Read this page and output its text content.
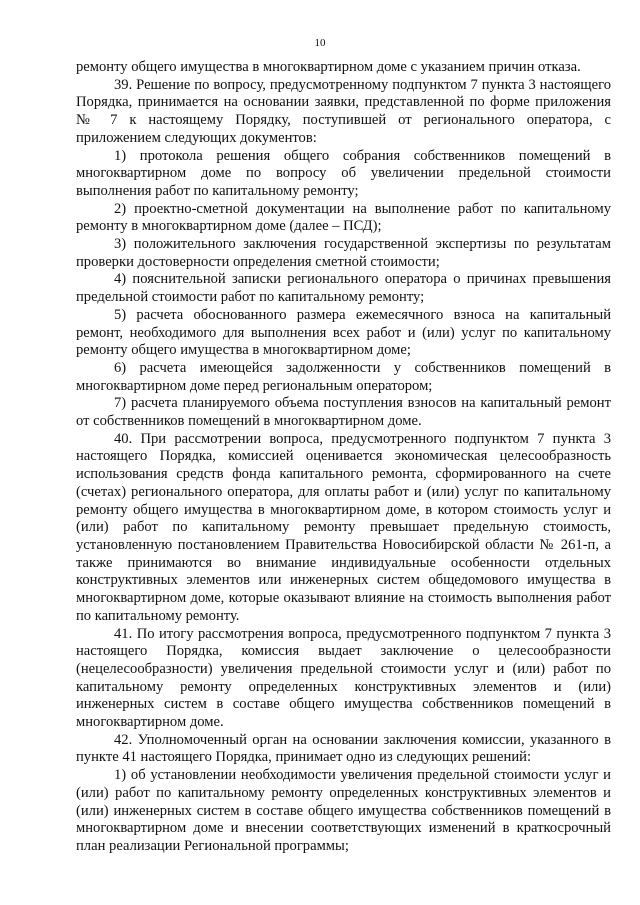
10

ремонту общего имущества в многоквартирном доме с указанием причин отказа.

39. Решение по вопросу, предусмотренному подпунктом 7 пункта 3 настоящего Порядка, принимается на основании заявки, представленной по форме приложения № 7 к настоящему Порядку, поступившей от регионального оператора, с приложением следующих документов:

1) протокола решения общего собрания собственников помещений в многоквартирном доме по вопросу об увеличении предельной стоимости выполнения работ по капитальному ремонту;

2) проектно-сметной документации на выполнение работ по капитальному ремонту в многоквартирном доме (далее – ПСД);

3) положительного заключения государственной экспертизы по результатам проверки достоверности определения сметной стоимости;

4) пояснительной записки регионального оператора о причинах превышения предельной стоимости работ по капитальному ремонту;

5) расчета обоснованного размера ежемесячного взноса на капитальный ремонт, необходимого для выполнения всех работ и (или) услуг по капитальному ремонту общего имущества в многоквартирном доме;

6) расчета имеющейся задолженности у собственников помещений в многоквартирном доме перед региональным оператором;

7) расчета планируемого объема поступления взносов на капитальный ремонт от собственников помещений в многоквартирном доме.

40. При рассмотрении вопроса, предусмотренного подпунктом 7 пункта 3 настоящего Порядка, комиссией оценивается экономическая целесообразность использования средств фонда капитального ремонта, сформированного на счете (счетах) регионального оператора, для оплаты работ и (или) услуг по капитальному ремонту общего имущества в многоквартирном доме, в котором стоимость услуг и (или) работ по капитальному ремонту превышает предельную стоимость, установленную постановлением Правительства Новосибирской области № 261-п, а также принимаются во внимание индивидуальные особенности отдельных конструктивных элементов или инженерных систем общедомового имущества в многоквартирном доме, которые оказывают влияние на стоимость выполнения работ по капитальному ремонту.

41. По итогу рассмотрения вопроса, предусмотренного подпунктом 7 пункта 3 настоящего Порядка, комиссия выдает заключение о целесообразности (нецелесообразности) увеличения предельной стоимости услуг и (или) работ по капитальному ремонту определенных конструктивных элементов и (или) инженерных систем в составе общего имущества собственников помещений в многоквартирном доме.

42. Уполномоченный орган на основании заключения комиссии, указанного в пункте 41 настоящего Порядка, принимает одно из следующих решений:

1) об установлении необходимости увеличения предельной стоимости услуг и (или) работ по капитальному ремонту определенных конструктивных элементов и (или) инженерных систем в составе общего имущества собственников помещений в многоквартирном доме и внесении соответствующих изменений в краткосрочный план реализации Региональной программы;
